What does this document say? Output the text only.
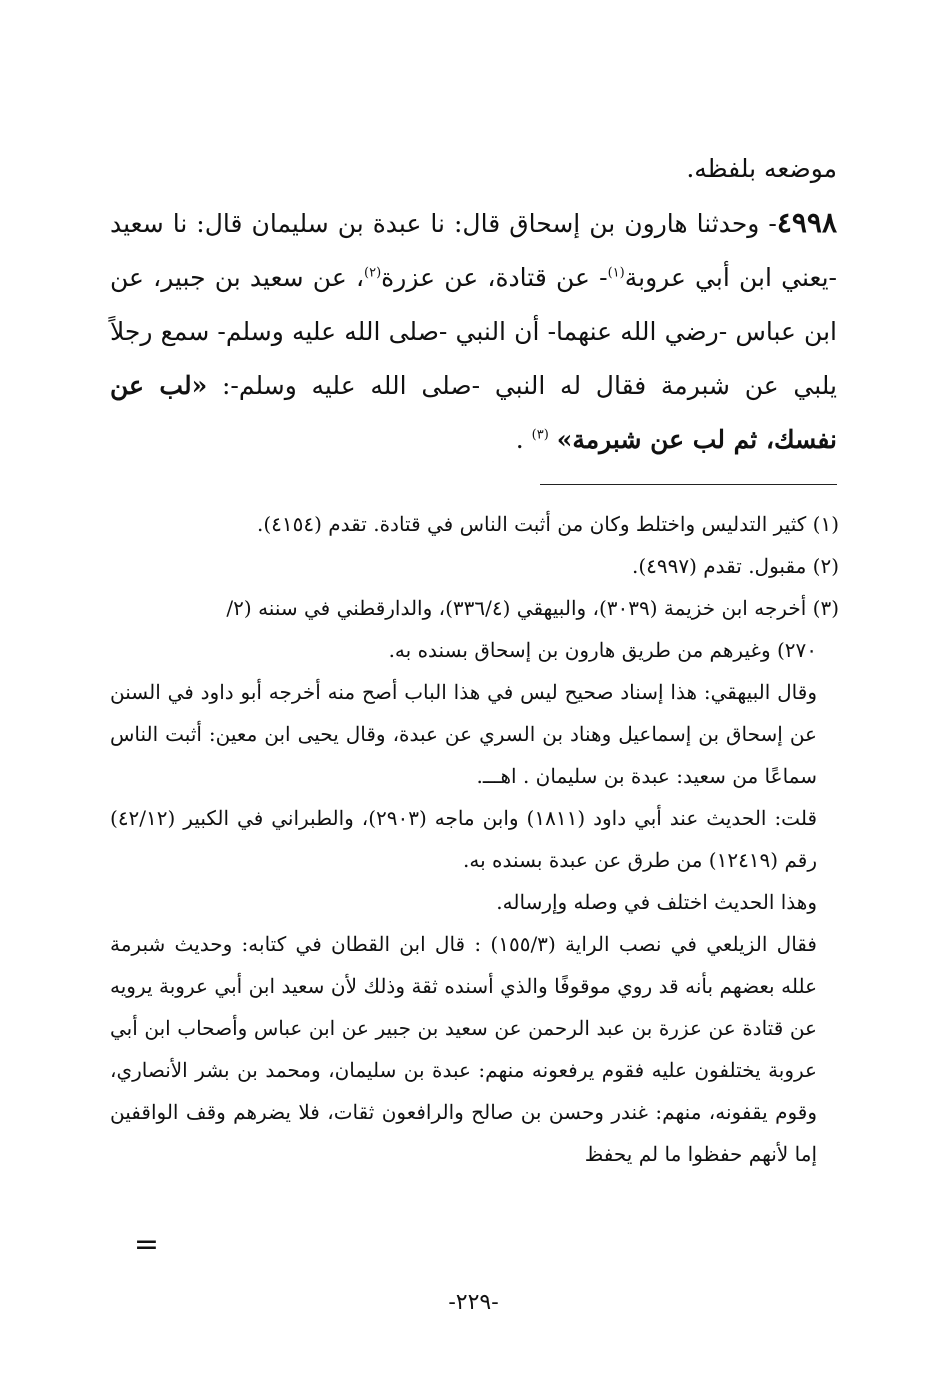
موضعه بلفظه.

٤٩٩٨- وحدثنا هارون بن إسحاق قال: نا عبدة بن سليمان قال: نا سعيد -يعني ابن أبي عروبة$^{(١)}$- عن قتادة، عن عزرة$^{(٢)}$، عن سعيد بن جبير، عن ابن عباس -رضي الله عنهما- أن النبي -صلى الله عليه وسلم- سمع رجلاً يلبي عن شبرمة فقال له النبي -صلى الله عليه وسلم-: «لب عن نفسك، ثم لب عن شبرمة» $^{(٣)}$ .

(١) كثير التدليس واختلط وكان من أثبت الناس في قتادة. تقدم (٤١٥٤).

(٢) مقبول. تقدم (٤٩٩٧).

(٣) أخرجه ابن خزيمة (٣٠٣٩)، والبيهقي (٣٣٦/٤)، والدارقطني في سننه (٢/

٢٧٠) وغيرهم من طريق هارون بن إسحاق بسنده به.

وقال البيهقي: هذا إسناد صحيح ليس في هذا الباب أصح منه أخرجه أبو داود في السنن عن إسحاق بن إسماعيل وهناد بن السري عن عبدة، وقال يحيى ابن معين: أثبت الناس سماعًا من سعيد: عبدة بن سليمان . اهـــ.

قلت: الحديث عند أبي داود (١٨١١) وابن ماجه (٢٩٠٣)، والطبراني في الكبير (٤٢/١٢) رقم (١٢٤١٩) من طرق عن عبدة بسنده به.

وهذا الحديث اختلف في وصله وإرساله.

فقال الزيلعي في نصب الراية (١٥٥/٣) : قال ابن القطان في كتابه: وحديث شبرمة علله بعضهم بأنه قد روي موقوفًا والذي أسنده ثقة وذلك لأن سعيد ابن أبي عروبة يرويه عن قتادة عن عزرة بن عبد الرحمن عن سعيد بن جبير عن ابن عباس وأصحاب ابن أبي عروبة يختلفون عليه فقوم يرفعونه منهم: عبدة بن سليمان، ومحمد بن بشر الأنصاري، وقوم يقفونه، منهم: غندر وحسن بن صالح والرافعون ثقات، فلا يضرهم وقف الواقفين إما لأنهم حفظوا ما لم يحفظ

=
-٢٢٩-
